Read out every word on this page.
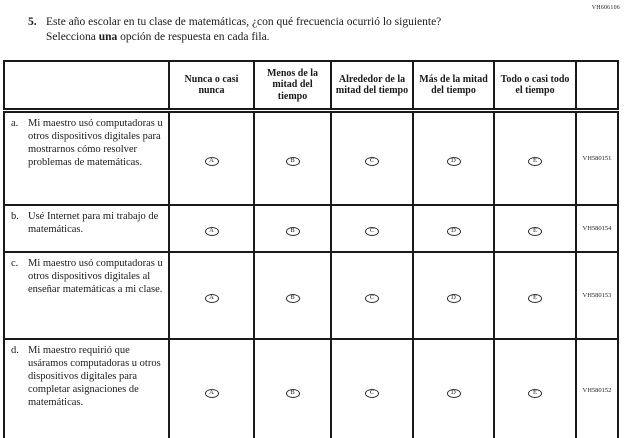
VH606106
5. Este año escolar en tu clase de matemáticas, ¿con qué frecuencia ocurrió lo siguiente? Selecciona una opción de respuesta en cada fila.
	Nunca o casi nunca	Menos de la mitad del tiempo	Alrededor de la mitad del tiempo	Más de la mitad del tiempo	Todo o casi todo el tiempo	

a. Mi maestro usó computadoras u otros dispositivos digitales para mostrarnos cómo resolver problemas de matemáticas.	A	B	C	D	E	VH580151

b. Usé Internet para mi trabajo de matemáticas.	A	B	C	D	E	VH580154

c. Mi maestro usó computadoras u otros dispositivos digitales al enseñar matemáticas a mi clase.	A	B	C	D	E	VH580153

d. Mi maestro requirió que usáramos computadoras u otros dispositivos digitales para completar asignaciones de matemáticas.	A	B	C	D	E	VH580152
